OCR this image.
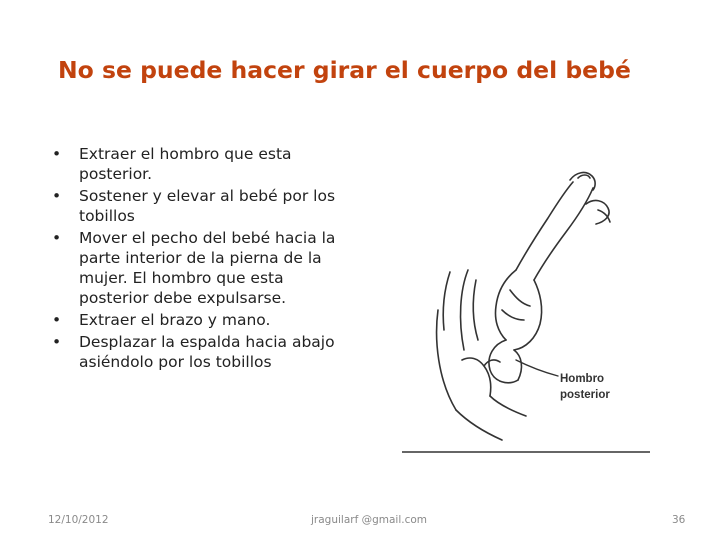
No se puede hacer girar el cuerpo del bebé
• Extraer el hombro que esta posterior.
• Sostener y elevar al bebé por los tobillos
• Mover el pecho del bebé hacia la parte interior de la pierna de la mujer. El hombro que esta posterior debe expulsarse.
• Extraer el brazo y mano.
• Desplazar la espalda hacia abajo asiéndolo por los tobillos
Hombro
posterior
12/10/2012	jraguilarf @gmail.com	36
